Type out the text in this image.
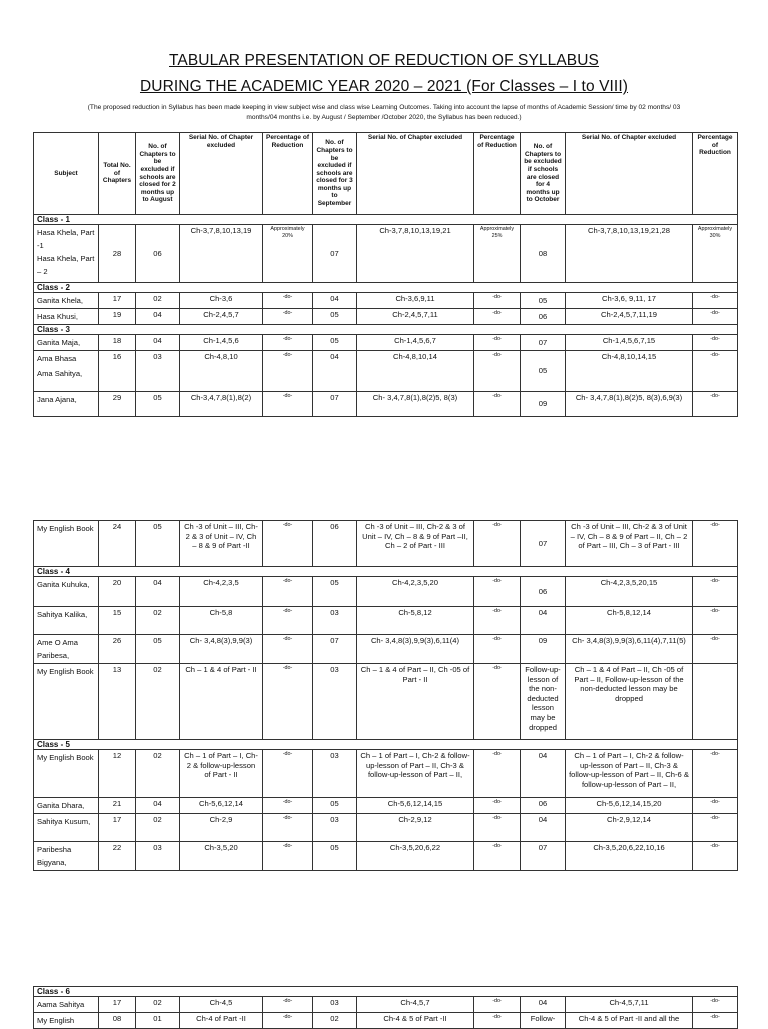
TABULAR PRESENTATION OF REDUCTION OF SYLLABUS
DURING THE ACADEMIC YEAR 2020 – 2021 (For Classes – I to VIII)
(The proposed reduction in Syllabus has been made keeping in view subject wise and class wise Learning Outcomes. Taking into account the lapse of months of Academic Session/ time by 02 months/ 03
months/04 months i.e. by August / September /October 2020, the Syllabus has been reduced.)
Subject	Total No. of Chapters	No. of Chapters to be excluded if schools are closed for 2 months up to August	Serial No. of Chapter excluded	Percentage of Reduction	No. of Chapters to be excluded if schools are closed for 3 months up to September	Serial No. of Chapter excluded	Percentage of Reduction	No. of Chapters to be excluded if schools are closed for 4 months up to October	Serial No. of Chapter excluded	Percentage of Reduction
Class - 1										

Hasa Khela, Part -1
Hasa Khela, Part – 2	28	06	Ch-3,7,8,10,13,19	Approximately 20%	07	Ch-3,7,8,10,13,19,21	Approximately 25%	08	Ch-3,7,8,10,13,19,21,28	Approximately 30%
Class - 2										
Ganita Khela,	17	02	Ch-3,6	-do-	04	Ch-3,6,9,11	-do-	05	Ch-3,6, 9,11, 17	-do-
Hasa Khusi,	19	04	Ch-2,4,5,7	-do-	05	Ch-2,4,5,7,11	-do-	06	Ch-2,4,5,7,11,19	-do-
Class - 3										
Ganita Maja,	18	04	Ch-1,4,5,6	-do-	05	Ch-1,4,5,6,7	-do-	07	Ch-1,4,5,6,7,15	-do-
Ama Bhasa	16	03	Ch-4,8,10	-do-	04	Ch-4,8,10,14	-do-	05	Ch-4,8,10,14,15	-do-
Ama Sahitya,										
Jana Ajana,	29	05	Ch-3,4,7,8(1),8(2)	-do-	07	Ch- 3,4,7,8(1),8(2)5, 8(3)	-do-	09	Ch- 3,4,7,8(1),8(2)5, 8(3),6,9(3)	-do-
My English Book	24	05	Ch -3 of Unit – III, Ch-2 & 3 of Unit – IV, Ch – 8 & 9 of Part -II	-do-	06	Ch -3 of Unit – III, Ch-2 & 3 of Unit – IV, Ch – 8 & 9 of Part –II, Ch – 2 of Part - III	-do-	07	Ch -3 of Unit – III, Ch-2 & 3 of Unit – IV, Ch – 8 & 9 of Part – II, Ch – 2 of Part – III, Ch – 3 of Part - III	-do-
Class - 4										
Ganita Kuhuka,	20	04	Ch-4,2,3,5	-do-	05	Ch-4,2,3,5,20	-do-	06	Ch-4,2,3,5,20,15	-do-
Sahitya Kalika,	15	02	Ch-5,8	-do-	03	Ch-5,8,12	-do-	04	Ch-5,8,12,14	-do-
Ame O Ama Paribesa,	26	05	Ch- 3,4,8(3),9,9(3)	-do-	07	Ch- 3,4,8(3),9,9(3),6,11(4)	-do-	09	Ch- 3,4,8(3),9,9(3),6,11(4),7,11(5)	-do-
My English Book	13	02	Ch – 1 & 4 of Part - II	-do-	03	Ch – 1 & 4 of Part – II, Ch -05 of Part - II	-do-	Follow-up-lesson of the non-deducted lesson may be dropped	Ch – 1 & 4 of Part – II, Ch -05 of Part – II, Follow-up-lesson of the non-deducted lesson may be dropped	
Class - 5										
My English Book	12	02	Ch – 1 of Part – I, Ch-2 & follow-up-lesson of Part - II	-do-	03	Ch – 1 of Part – I, Ch-2 & follow-up-lesson of Part – II, Ch-3 & follow-up-lesson of Part – II,	-do-	04	Ch – 1 of Part – I, Ch-2 & follow-up-lesson of Part – II, Ch-3 & follow-up-lesson of Part – II, Ch-6 & follow-up-lesson of Part – II,	-do-
Ganita Dhara,	21	04	Ch-5,6,12,14	-do-	05	Ch-5,6,12,14,15	-do-	06	Ch-5,6,12,14,15,20	-do-
Sahitya Kusum,	17	02	Ch-2,9	-do-	03	Ch-2,9,12	-do-	04	Ch-2,9,12,14	-do-
Paribesha Bigyana,	22	03	Ch-3,5,20	-do-	05	Ch-3,5,20,6,22	-do-	07	Ch-3,5,20,6,22,10,16	-do-
Class - 6										
Aama Sahitya	17	02	Ch-4,5	-do-	03	Ch-4,5,7	-do-	04	Ch-4,5,7,11	-do-
My English	08	01	Ch-4 of Part -II	-do-	02	Ch-4 & 5 of Part -II	-do-	Follow-	Ch-4 & 5 of Part -II and all the	-do-
